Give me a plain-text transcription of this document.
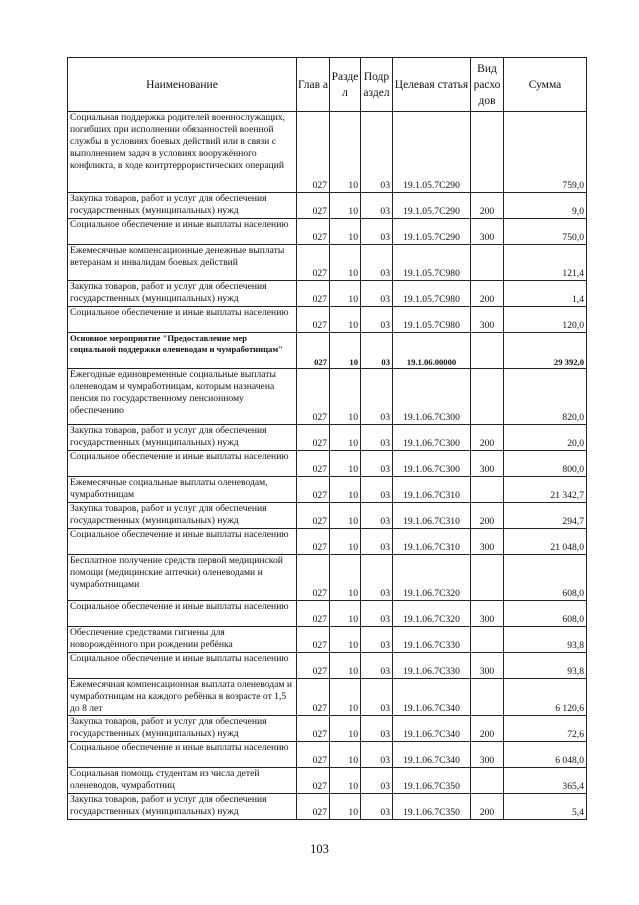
Наименование	Глав а	Разде л	Подр аздел	Целевая статья	Вид расхо дов	Сумма
Социальная поддержка родителей военнослужащих, погибших при исполнении обязанностей военной службы в условиях боевых действий или в связи с выполнением задач в условиях вооружённого конфликта, в ходе контртеррористических операций	027	10	03	19.1.05.7С290		759,0
Закупка товаров, работ и услуг для обеспечения государственных (муниципальных) нужд	027	10	03	19.1.05.7С290	200	9,0
Социальное обеспечение и иные выплаты населению	027	10	03	19.1.05.7С290	300	750,0
Ежемесячные компенсационные денежные выплаты ветеранам и инвалидам боевых действий	027	10	03	19.1.05.7С980		121,4
Закупка товаров, работ и услуг для обеспечения государственных (муниципальных) нужд	027	10	03	19.1.05.7С980	200	1,4
Социальное обеспечение и иные выплаты населению	027	10	03	19.1.05.7С980	300	120,0
Основное мероприятие "Предоставление мер социальной поддержки оленеводам и чумработницам"	027	10	03	19.1.06.00000		29 392,0
Ежегодные единовременные социальные выплаты оленеводам и чумработницам, которым назначена пенсия по государственному пенсионному обеспечению	027	10	03	19.1.06.7С300		820,0
Закупка товаров, работ и услуг для обеспечения государственных (муниципальных) нужд	027	10	03	19.1.06.7С300	200	20,0
Социальное обеспечение и иные выплаты населению	027	10	03	19.1.06.7С300	300	800,0
Ежемесячные социальные выплаты оленеводам, чумработницам	027	10	03	19.1.06.7С310		21 342,7
Закупка товаров, работ и услуг для обеспечения государственных (муниципальных) нужд	027	10	03	19.1.06.7С310	200	294,7
Социальное обеспечение и иные выплаты населению	027	10	03	19.1.06.7С310	300	21 048,0
Бесплатное получение средств первой медицинской помощи (медицинские аптечки) оленеводами и чумработницами	027	10	03	19.1.06.7С320		608,0
Социальное обеспечение и иные выплаты населению	027	10	03	19.1.06.7С320	300	608,0
Обеспечение средствами гигиены для новорождённого при рождении ребёнка	027	10	03	19.1.06.7С330		93,8
Социальное обеспечение и иные выплаты населению	027	10	03	19.1.06.7С330	300	93,8
Ежемесячная компенсационная выплата оленеводам и чумработницам на каждого ребёнка в возрасте от 1,5 до 8 лет	027	10	03	19.1.06.7С340		6 120,6
Закупка товаров, работ и услуг для обеспечения государственных (муниципальных) нужд	027	10	03	19.1.06.7С340	200	72,6
Социальное обеспечение и иные выплаты населению	027	10	03	19.1.06.7С340	300	6 048,0
Социальная помощь студентам из числа детей оленеводов, чумработниц	027	10	03	19.1.06.7С350		365,4
Закупка товаров, работ и услуг для обеспечения государственных (муниципальных) нужд	027	10	03	19.1.06.7С350	200	5,4
103
